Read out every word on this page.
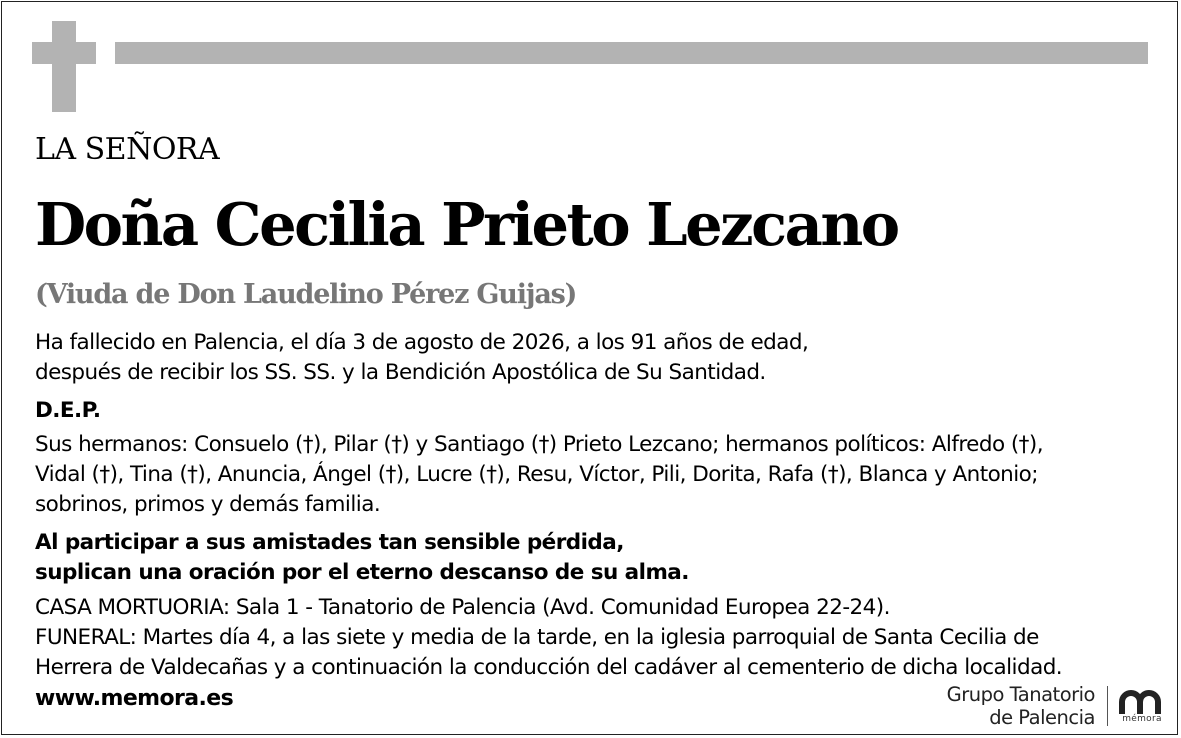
LA SEÑORA
Doña Cecilia Prieto Lezcano
(Viuda de Don Laudelino Pérez Guijas)
Ha fallecido en Palencia, el día 3 de agosto de 2026, a los 91 años de edad,
después de recibir los SS. SS. y la Bendición Apostólica de Su Santidad.
D.E.P.
Sus hermanos: Consuelo (†), Pilar (†) y Santiago (†) Prieto Lezcano; hermanos políticos: Alfredo (†),
Vidal (†), Tina (†), Anuncia, Ángel (†), Lucre (†), Resu, Víctor, Pili, Dorita, Rafa (†), Blanca y Antonio;
sobrinos, primos y demás familia.
Al participar a sus amistades tan sensible pérdida,
suplican una oración por el eterno descanso de su alma.
CASA MORTUORIA: Sala 1 - Tanatorio de Palencia (Avd. Comunidad Europea 22-24).
FUNERAL: Martes día 4, a las siete y media de la tarde, en la iglesia parroquial de Santa Cecilia de
Herrera de Valdecañas y a continuación la conducción del cadáver al cementerio de dicha localidad.
www.memora.es	Grupo Tanatorio
de Palencia	mémora
